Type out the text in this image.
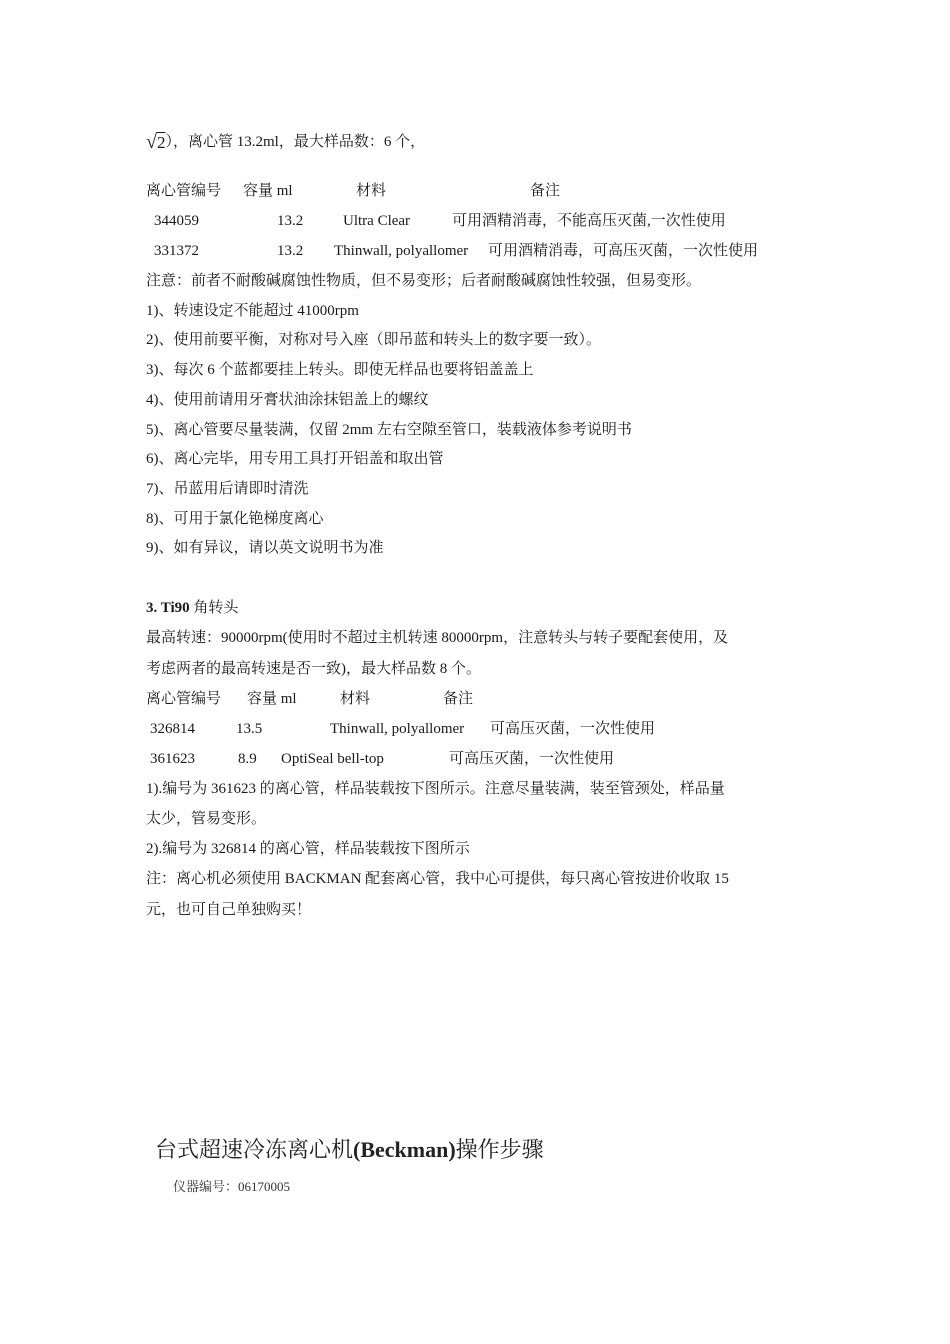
√2），离心管 13.2ml，最大样品数：6 个，
离心管编号 容量 ml	材料	备注
344059	13.2	Ultra Clear	可用酒精消毒，不能高压灭菌,一次性使用
331372	13.2 Thinwall, polyallomer 可用酒精消毒，可高压灭菌，一次性使用
注意：前者不耐酸碱腐蚀性物质，但不易变形；后者耐酸碱腐蚀性较强，但易变形。
1)、转速设定不能超过 41000rpm
2)、使用前要平衡，对称对号入座（即吊蓝和转头上的数字要一致）。
3)、每次 6 个蓝都要挂上转头。即使无样品也要将铝盖盖上
4)、使用前请用牙膏状油涂抹铝盖上的螺纹
5)、离心管要尽量装满，仅留 2mm 左右空隙至管口，装载液体参考说明书
6)、离心完毕，用专用工具打开铝盖和取出管
7)、吊蓝用后请即时清洗
8)、可用于氯化铯梯度离心
9)、如有异议，请以英文说明书为准
3. Ti90 角转头
最高转速：90000rpm(使用时不超过主机转速 80000rpm，注意转头与转子要配套使用，及
考虑两者的最高转速是否一致)，最大样品数 8 个。
离心管编号 容量 ml	材料	备注
326814	13.5	Thinwall, polyallomer 可高压灭菌，一次性使用
361623	8.9 OptiSeal bell-top	可高压灭菌，一次性使用
1).编号为 361623 的离心管，样品装载按下图所示。注意尽量装满，装至管颈处，样品量
太少，管易变形。
2).编号为 326814 的离心管，样品装载按下图所示
注：离心机必须使用 BACKMAN 配套离心管，我中心可提供，每只离心管按进价收取 15
元，也可自己单独购买！
台式超速冷冻离心机(Beckman)操作步骤
仪器编号：06170005
